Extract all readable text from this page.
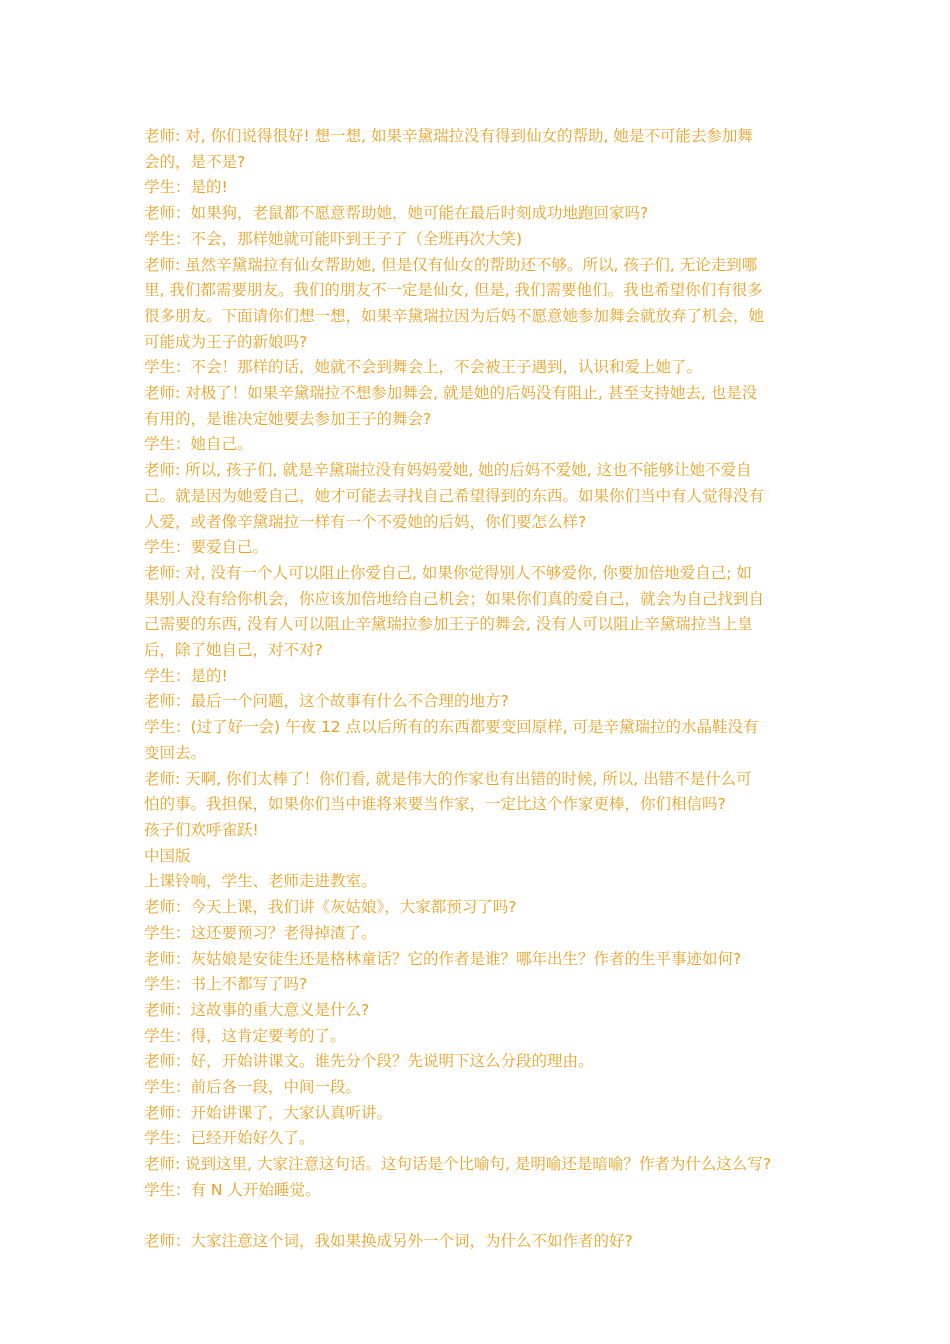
老师: 对, 你们说得很好! 想一想, 如果辛黛瑞拉没有得到仙女的帮助, 她是不可能去参加舞
会的，是不是?
学生：是的!
老师：如果狗，老鼠都不愿意帮助她，她可能在最后时刻成功地跑回家吗?
学生：不会，那样她就可能吓到王子了（全班再次大笑)
老师: 虽然辛黛瑞拉有仙女帮助她, 但是仅有仙女的帮助还不够。所以, 孩子们, 无论走到哪
里, 我们都需要朋友。我们的朋友不一定是仙女, 但是, 我们需要他们。我也希望你们有很多
很多朋友。下面请你们想一想，如果辛黛瑞拉因为后妈不愿意她参加舞会就放弃了机会，她
可能成为王子的新娘吗?
学生：不会！那样的话，她就不会到舞会上，不会被王子遇到，认识和爱上她了。
老师: 对极了！如果辛黛瑞拉不想参加舞会, 就是她的后妈没有阻止, 甚至支持她去, 也是没
有用的，是谁决定她要去参加王子的舞会?
学生：她自己。
老师: 所以, 孩子们, 就是辛黛瑞拉没有妈妈爱她, 她的后妈不爱她, 这也不能够让她不爱自
己。就是因为她爱自己，她才可能去寻找自己希望得到的东西。如果你们当中有人觉得没有
人爱，或者像辛黛瑞拉一样有一个不爱她的后妈，你们要怎么样?
学生：要爱自己。
老师: 对, 没有一个人可以阻止你爱自己, 如果你觉得别人不够爱你, 你要加倍地爱自己; 如
果别人没有给你机会，你应该加倍地给自己机会；如果你们真的爱自己，就会为自己找到自
己需要的东西, 没有人可以阻止辛黛瑞拉参加王子的舞会, 没有人可以阻止辛黛瑞拉当上皇
后，除了她自己，对不对?
学生：是的!
老师：最后一个问题，这个故事有什么不合理的地方?
学生：(过了好一会) 午夜 12 点以后所有的东西都要变回原样, 可是辛黛瑞拉的水晶鞋没有
变回去。
老师: 天啊, 你们太棒了！你们看, 就是伟大的作家也有出错的时候, 所以, 出错不是什么可
怕的事。我担保，如果你们当中谁将来要当作家，一定比这个作家更棒，你们相信吗?
孩子们欢呼雀跃!
中国版
上课铃响，学生、老师走进教室。
老师：今天上课，我们讲《灰姑娘》，大家都预习了吗?
学生：这还要预习？老得掉渣了。
老师：灰姑娘是安徒生还是格林童话？它的作者是谁？哪年出生？作者的生平事迹如何?
学生：书上不都写了吗?
老师：这故事的重大意义是什么?
学生：得，这肯定要考的了。
老师：好，开始讲课文。谁先分个段？先说明下这么分段的理由。
学生：前后各一段，中间一段。
老师：开始讲课了，大家认真听讲。
学生：已经开始好久了。
老师: 说到这里, 大家注意这句话。这句话是个比喻句, 是明喻还是暗喻？作者为什么这么写?
学生：有 N 人开始睡觉。
老师：大家注意这个词，我如果换成另外一个词，为什么不如作者的好?
